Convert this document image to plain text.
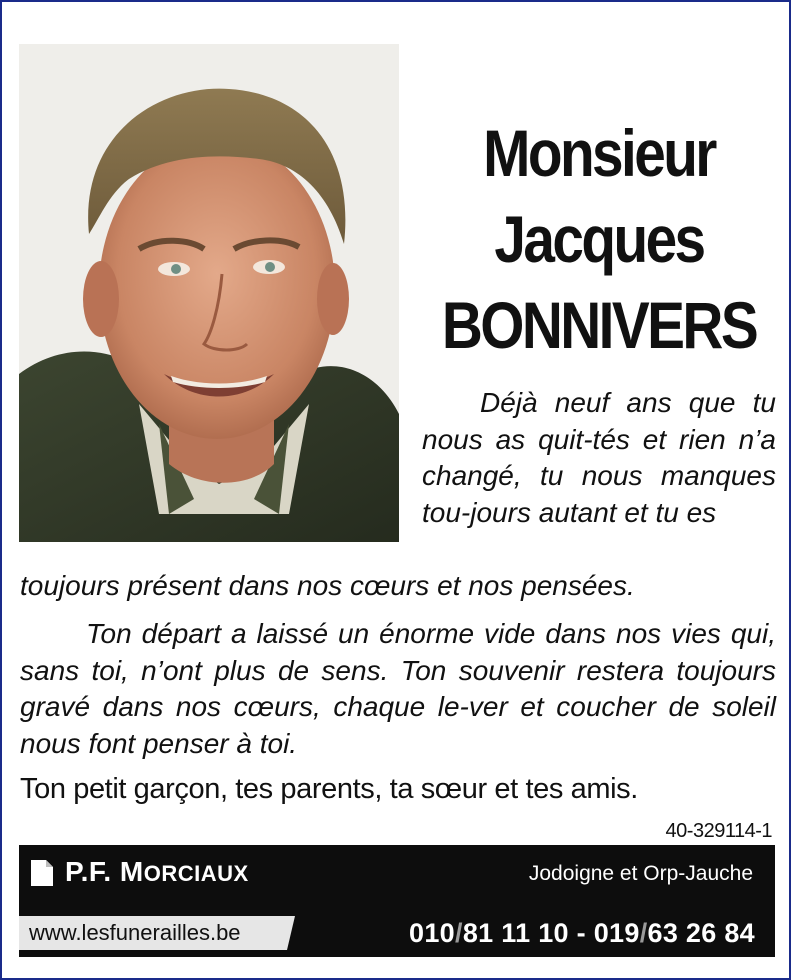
Monsieur
Jacques
BONNIVERS
Déjà neuf ans que tu nous as quit-tés et rien n’a changé, tu nous manques tou-jours autant et tu es
toujours présent dans nos cœurs et nos pensées.
Ton départ a laissé un énorme vide dans nos vies qui, sans toi, n’ont plus de sens. Ton souvenir restera toujours gravé dans nos cœurs, chaque le-ver et coucher de soleil nous font penser à toi.
Ton petit garçon, tes parents, ta sœur et tes amis.
40-329114-1
P.F. MORCIAUX	Jodoigne et Orp-Jauche
www.lesfunerailles.be	010/81 11 10 - 019/63 26 84
